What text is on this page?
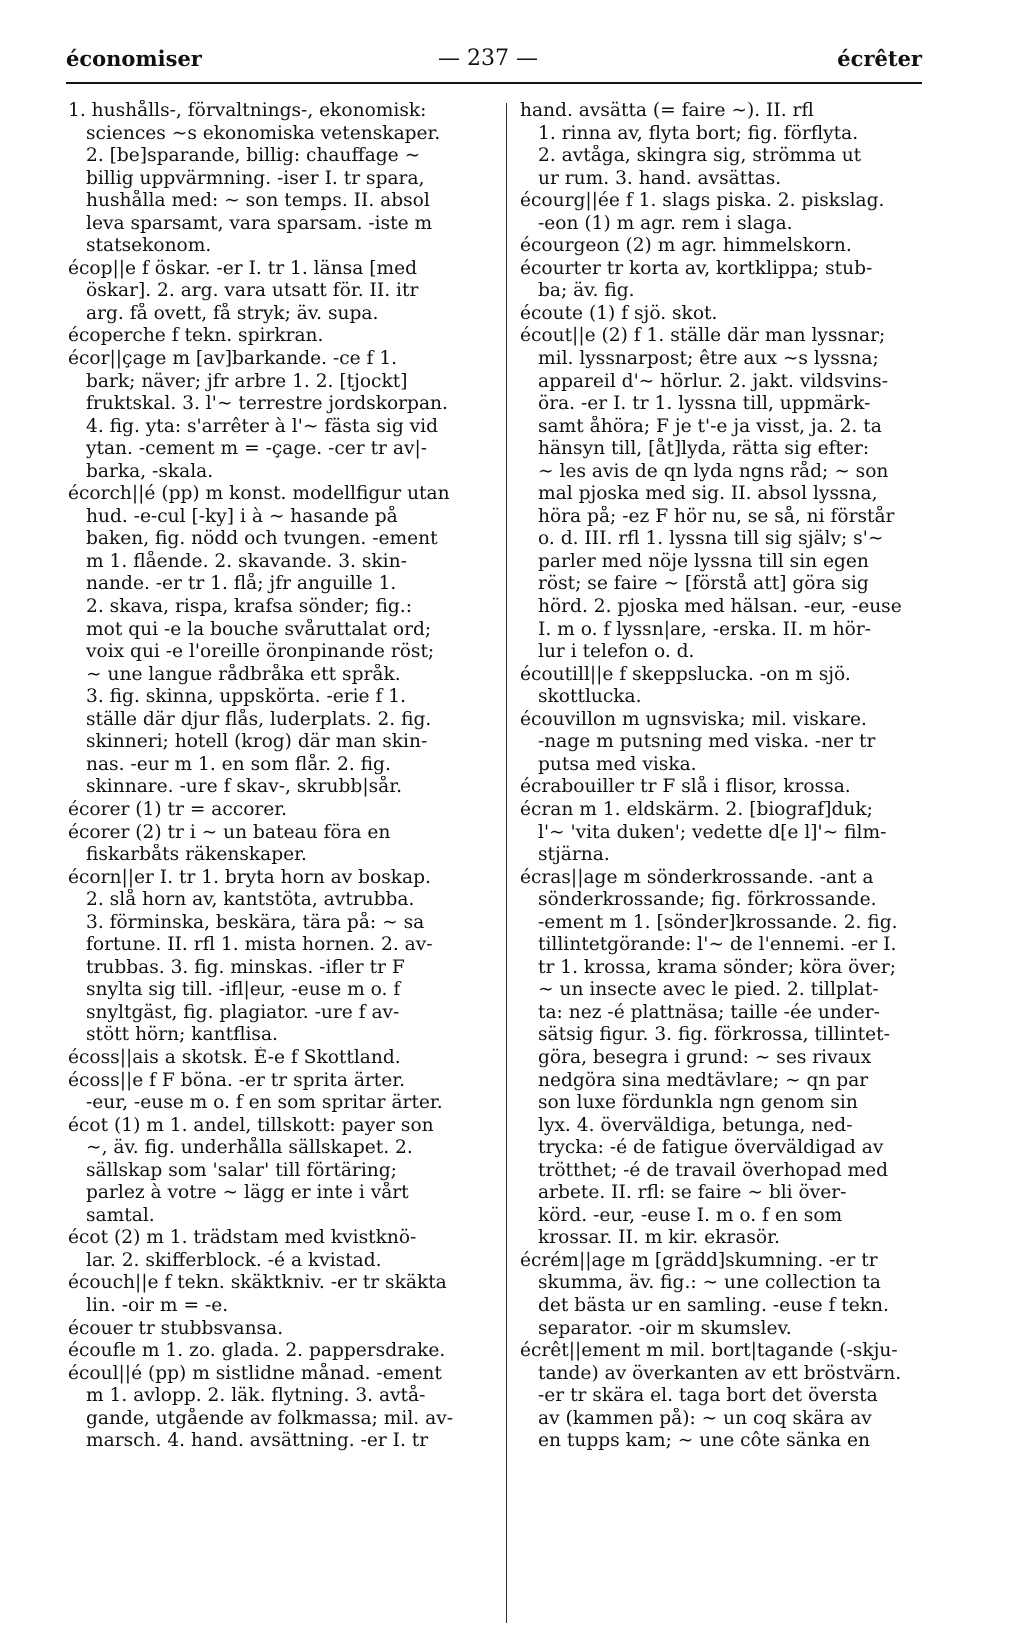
économiser	— 237 —	écrêter
1. hushålls-, förvaltnings-, ekonomisk:
sciences ∼s ekonomiska vetenskaper.
2. [be]sparande, billig: chauffage ∼
billig uppvärmning. -iser I. tr spara,
hushålla med: ∼ son temps. II. absol
leva sparsamt, vara sparsam. -iste m
statsekonom.
écop||e f öskar. -er I. tr 1. länsa [med
öskar]. 2. arg. vara utsatt för. II. itr
arg. få ovett, få stryk; äv. supa.
écoperche f tekn. spirkran.
écor||çage m [av]barkande. -ce f 1.
bark; näver; jfr arbre 1. 2. [tjockt]
fruktskal. 3. l'∼ terrestre jordskorpan.
4. fig. yta: s'arrêter à l'∼ fästa sig vid
ytan. -cement m = -çage. -cer tr av|-
barka, -skala.
écorch||é (pp) m konst. modellfigur utan
hud. -e-cul [-ky] i à ∼ hasande på
baken, fig. nödd och tvungen. -ement
m 1. flående. 2. skavande. 3. skin-
nande. -er tr 1. flå; jfr anguille 1.
2. skava, rispa, krafsa sönder; fig.:
mot qui -e la bouche svåruttalat ord;
voix qui -e l'oreille öronpinande röst;
∼ une langue rådbråka ett språk.
3. fig. skinna, uppskörta. -erie f 1.
ställe där djur flås, luderplats. 2. fig.
skinneri; hotell (krog) där man skin-
nas. -eur m 1. en som flår. 2. fig.
skinnare. -ure f skav-, skrubb|sår.
écorer (1) tr = accorer.
écorer (2) tr i ∼ un bateau föra en
fiskarbåts räkenskaper.
écorn||er I. tr 1. bryta horn av boskap.
2. slå horn av, kantstöta, avtrubba.
3. förminska, beskära, tära på: ∼ sa
fortune. II. rfl 1. mista hornen. 2. av-
trubbas. 3. fig. minskas. -ifler tr F
snylta sig till. -ifl|eur, -euse m o. f
snyltgäst, fig. plagiator. -ure f av-
stött hörn; kantflisa.
écoss||ais a skotsk. É-e f Skottland.
écoss||e f F böna. -er tr sprita ärter.
-eur, -euse m o. f en som spritar ärter.
écot (1) m 1. andel, tillskott: payer son
∼, äv. fig. underhålla sällskapet. 2.
sällskap som 'salar' till förtäring;
parlez à votre ∼ lägg er inte i vårt
samtal.
écot (2) m 1. trädstam med kvistknö-
lar. 2. skifferblock. -é a kvistad.
écouch||e f tekn. skäktkniv. -er tr skäkta
lin. -oir m = -e.
écouer tr stubbsvansa.
écoufle m 1. zo. glada. 2. pappersdrake.
écoul||é (pp) m sistlidne månad. -ement
m 1. avlopp. 2. läk. flytning. 3. avtå-
gande, utgående av folkmassa; mil. av-
marsch. 4. hand. avsättning. -er I. tr
hand. avsätta (= faire ∼). II. rfl
1. rinna av, flyta bort; fig. förflyta.
2. avtåga, skingra sig, strömma ut
ur rum. 3. hand. avsättas.
écourg||ée f 1. slags piska. 2. piskslag.
-eon (1) m agr. rem i slaga.
écourgeon (2) m agr. himmelskorn.
écourter tr korta av, kortklippa; stub-
ba; äv. fig.
écoute (1) f sjö. skot.
écout||e (2) f 1. ställe där man lyssnar;
mil. lyssnarpost; être aux ∼s lyssna;
appareil d'∼ hörlur. 2. jakt. vildsvins-
öra. -er I. tr 1. lyssna till, uppmärk-
samt åhöra; F je t'-e ja visst, ja. 2. ta
hänsyn till, [åt]lyda, rätta sig efter:
∼ les avis de qn lyda ngns råd; ∼ son
mal pjoska med sig. II. absol lyssna,
höra på; -ez F hör nu, se så, ni förstår
o. d. III. rfl 1. lyssna till sig själv; s'∼
parler med nöje lyssna till sin egen
röst; se faire ∼ [förstå att] göra sig
hörd. 2. pjoska med hälsan. -eur, -euse
I. m o. f lyssn|are, -erska. II. m hör-
lur i telefon o. d.
écoutill||e f skeppslucka. -on m sjö.
skottlucka.
écouvillon m ugnsviska; mil. viskare.
-nage m putsning med viska. -ner tr
putsa med viska.
écrabouiller tr F slå i flisor, krossa.
écran m 1. eldskärm. 2. [biograf]duk;
l'∼ 'vita duken'; vedette d[e l]'∼ film-
stjärna.
écras||age m sönderkrossande. -ant a
sönderkrossande; fig. förkrossande.
-ement m 1. [sönder]krossande. 2. fig.
tillintetgörande: l'∼ de l'ennemi. -er I.
tr 1. krossa, krama sönder; köra över;
∼ un insecte avec le pied. 2. tillplat-
ta: nez -é plattnäsa; taille -ée under-
sätsig figur. 3. fig. förkrossa, tillintet-
göra, besegra i grund: ∼ ses rivaux
nedgöra sina medtävlare; ∼ qn par
son luxe fördunkla ngn genom sin
lyx. 4. överväldiga, betunga, ned-
trycka: -é de fatigue överväldigad av
trötthet; -é de travail överhopad med
arbete. II. rfl: se faire ∼ bli över-
körd. -eur, -euse I. m o. f en som
krossar. II. m kir. ekrasör.
écrém||age m [grädd]skumning. -er tr
skumma, äv. fig.: ∼ une collection ta
det bästa ur en samling. -euse f tekn.
separator. -oir m skumslev.
écrêt||ement m mil. bort|tagande (-skju-
tande) av överkanten av ett bröstvärn.
-er tr skära el. taga bort det översta
av (kammen på): ∼ un coq skära av
en tupps kam; ∼ une côte sänka en
